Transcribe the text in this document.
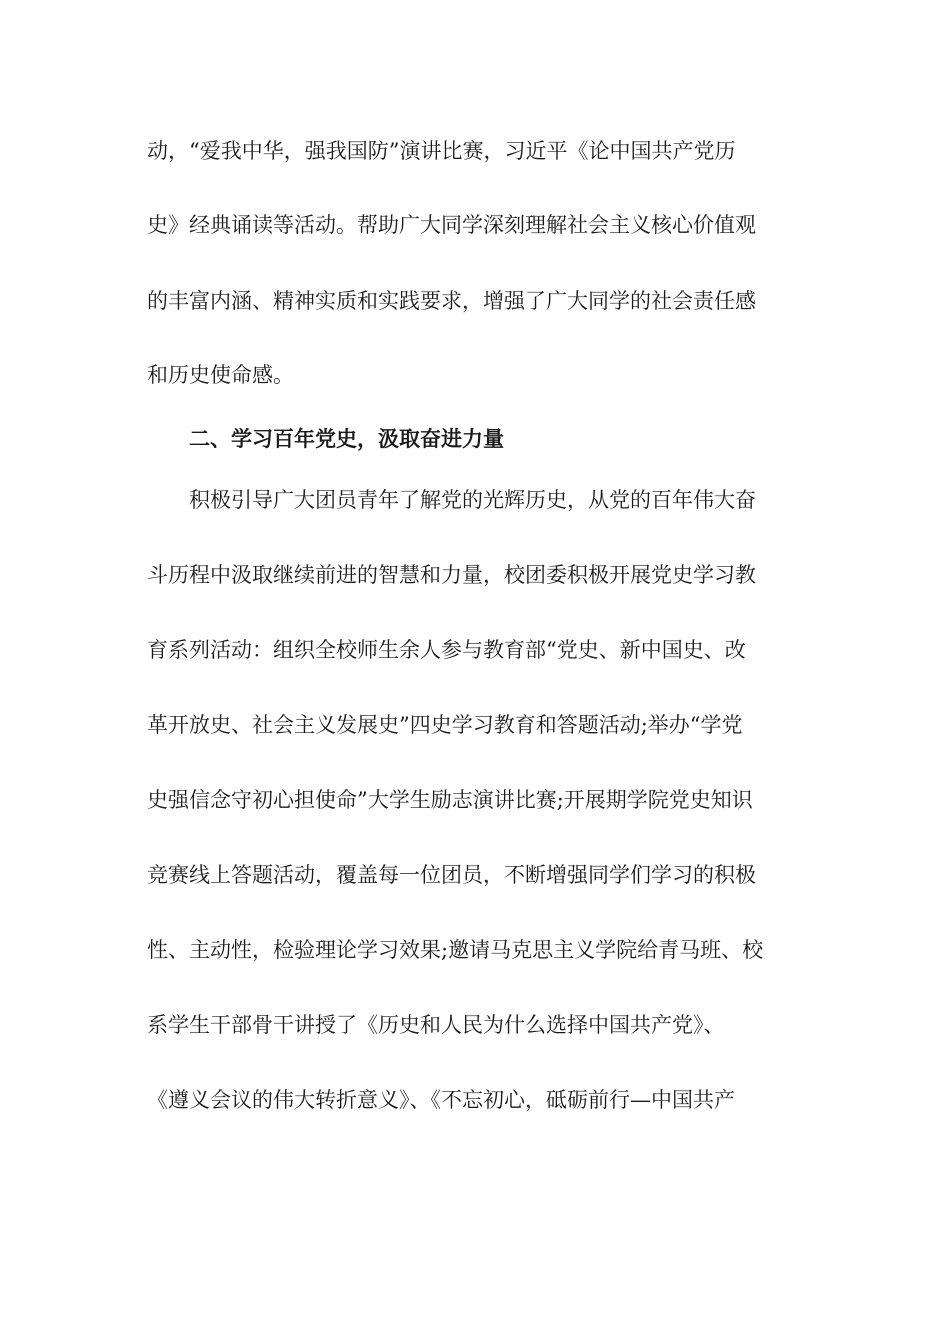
动，“爱我中华，强我国防”演讲比赛，习近平《论中国共产党历
史》经典诵读等活动。帮助广大同学深刻理解社会主义核心价值观
的丰富内涵、精神实质和实践要求，增强了广大同学的社会责任感
和历史使命感。
二、学习百年党史，汲取奋进力量
积极引导广大团员青年了解党的光辉历史，从党的百年伟大奋
斗历程中汲取继续前进的智慧和力量，校团委积极开展党史学习教
育系列活动：组织全校师生余人参与教育部“党史、新中国史、改
革开放史、社会主义发展史”四史学习教育和答题活动;举办“学党
史强信念守初心担使命”大学生励志演讲比赛;开展期学院党史知识
竞赛线上答题活动，覆盖每一位团员，不断增强同学们学习的积极
性、主动性，检验理论学习效果;邀请马克思主义学院给青马班、校
系学生干部骨干讲授了《历史和人民为什么选择中国共产党》、
《遵义会议的伟大转折意义》、《不忘初心，砥砺前行—中国共产
